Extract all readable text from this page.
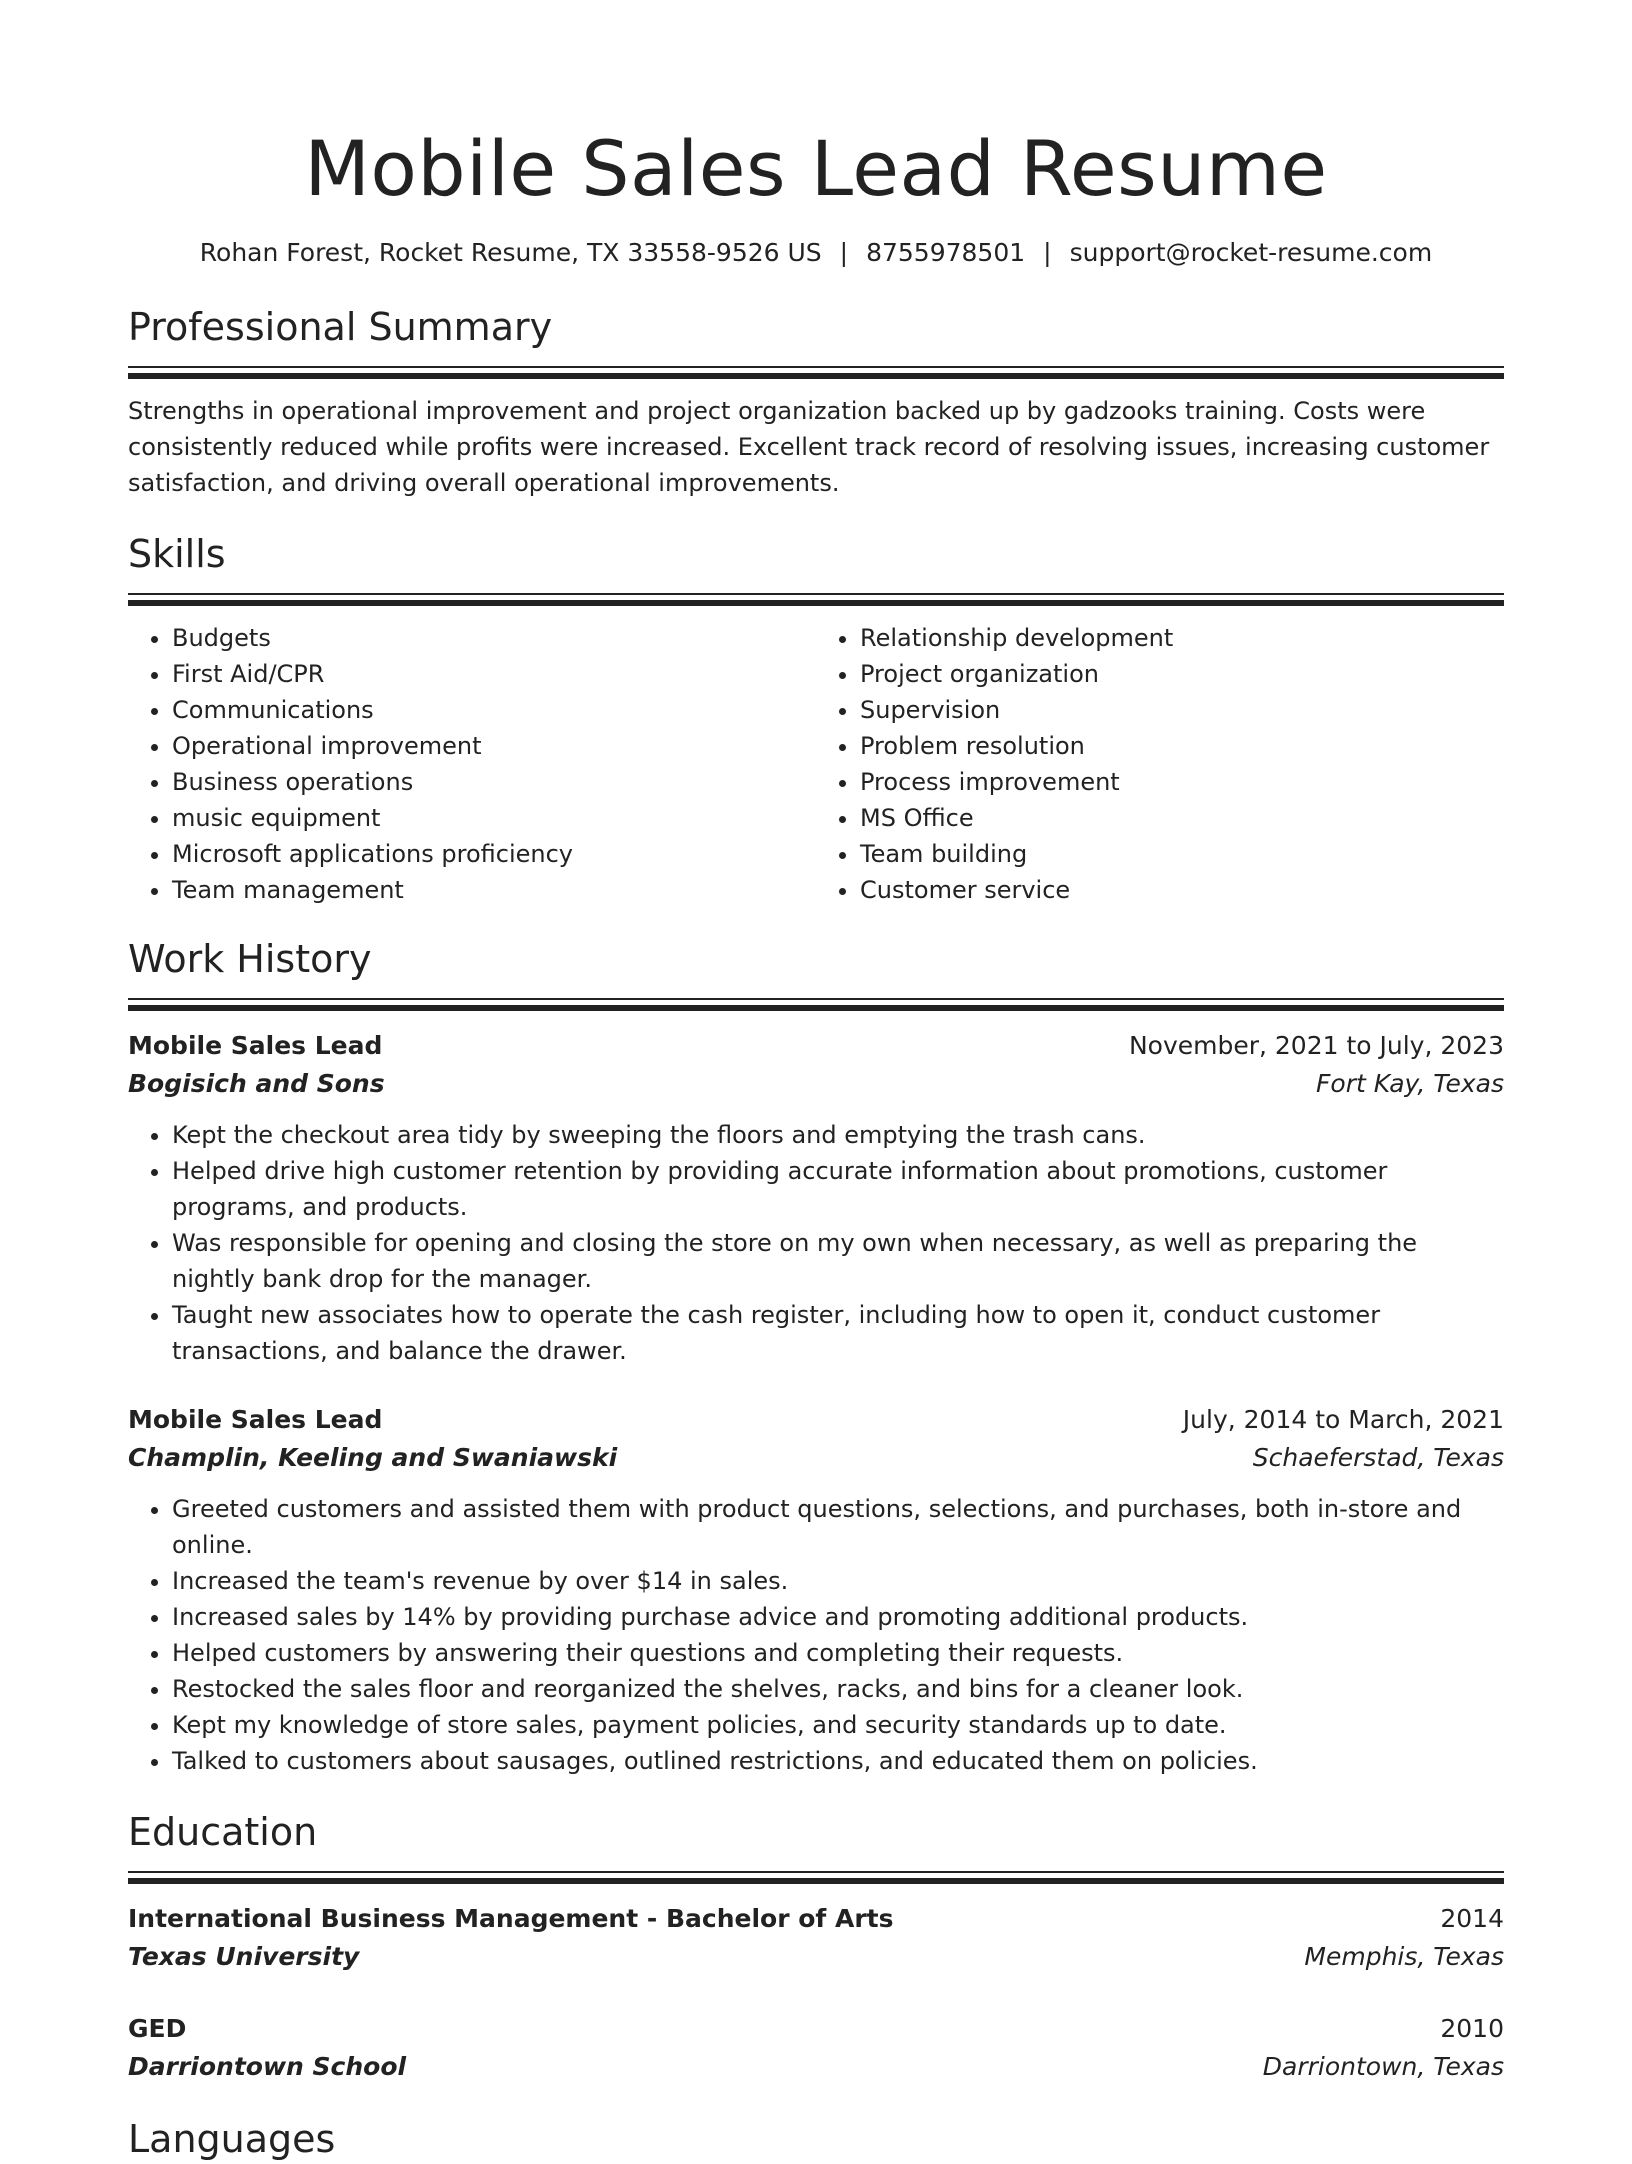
Mobile Sales Lead Resume
Rohan Forest, Rocket Resume, TX 33558-9526 US | 8755978501 | support@rocket-resume.com
Professional Summary

Strengths in operational improvement and project organization backed up by gadzooks training. Costs were consistently reduced while profits were increased. Excellent track record of resolving issues, increasing customer satisfaction, and driving overall operational improvements.

Skills
• Budgets
• First Aid/CPR
• Communications
• Operational improvement
• Business operations
• music equipment
• Microsoft applications proficiency
• Team management
• Relationship development
• Project organization
• Supervision
• Problem resolution
• Process improvement
• MS Office
• Team building
• Customer service
Work History
Mobile Sales Lead	November, 2021 to July, 2023
Bogisich and Sons	Fort Kay, Texas
• Kept the checkout area tidy by sweeping the floors and emptying the trash cans.
• Helped drive high customer retention by providing accurate information about promotions, customer programs, and products.
• Was responsible for opening and closing the store on my own when necessary, as well as preparing the nightly bank drop for the manager.
• Taught new associates how to operate the cash register, including how to open it, conduct customer transactions, and balance the drawer.
Mobile Sales Lead	July, 2014 to March, 2021
Champlin, Keeling and Swaniawski	Schaeferstad, Texas
• Greeted customers and assisted them with product questions, selections, and purchases, both in-store and online.
• Increased the team's revenue by over $14 in sales.
• Increased sales by 14% by providing purchase advice and promoting additional products.
• Helped customers by answering their questions and completing their requests.
• Restocked the sales floor and reorganized the shelves, racks, and bins for a cleaner look.
• Kept my knowledge of store sales, payment policies, and security standards up to date.
• Talked to customers about sausages, outlined restrictions, and educated them on policies.
Education
International Business Management - Bachelor of Arts	2014
Texas University	Memphis, Texas
GED	2010
Darriontown School	Darriontown, Texas
Languages
